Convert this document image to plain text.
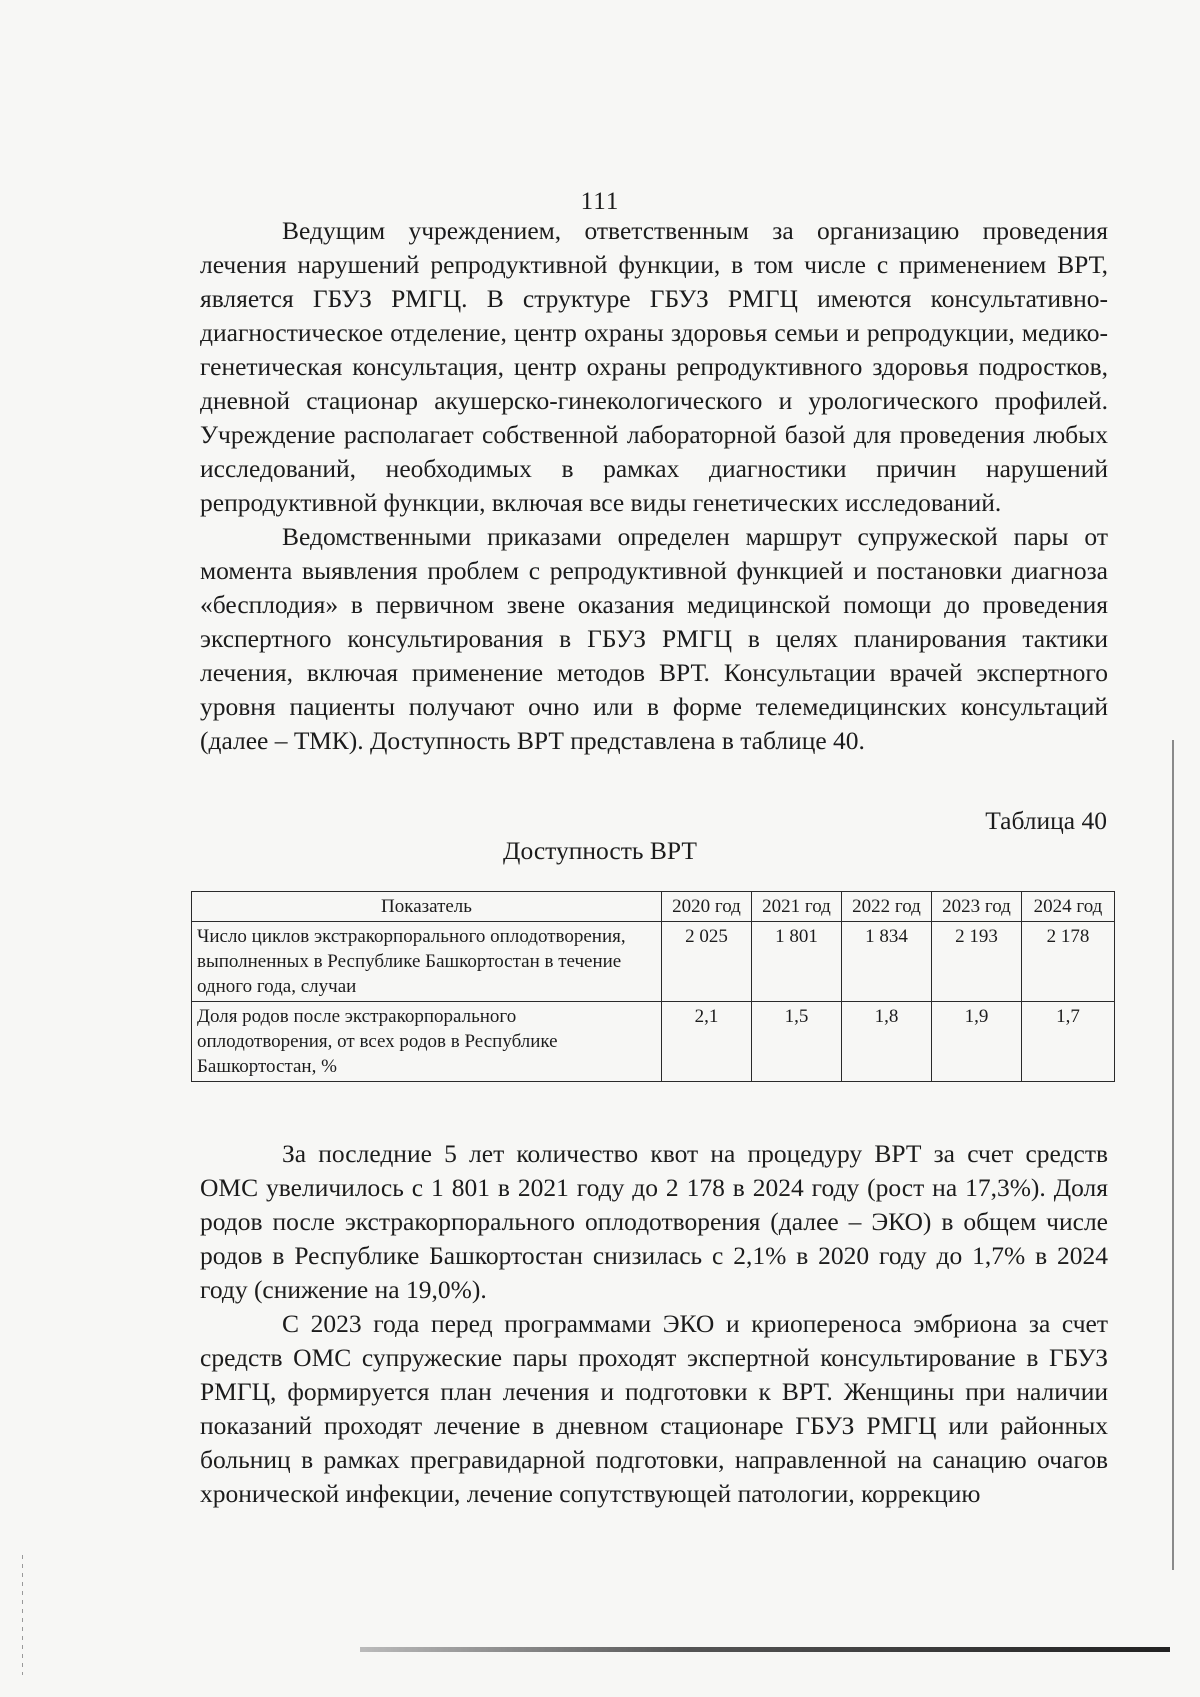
111

Ведущим учреждением, ответственным за организацию проведения лечения нарушений репродуктивной функции, в том числе с применением ВРТ, является ГБУЗ РМГЦ. В структуре ГБУЗ РМГЦ имеются консультативно-диагностическое отделение, центр охраны здоровья семьи и репродукции, медико-генетическая консультация, центр охраны репродуктивного здоровья подростков, дневной стационар акушерско-гинекологического и урологического профилей. Учреждение располагает собственной лабораторной базой для проведения любых исследований, необходимых в рамках диагностики причин нарушений репродуктивной функции, включая все виды генетических исследований.

Ведомственными приказами определен маршрут супружеской пары от момента выявления проблем с репродуктивной функцией и постановки диагноза «бесплодия» в первичном звене оказания медицинской помощи до проведения экспертного консультирования в ГБУЗ РМГЦ в целях планирования тактики лечения, включая применение методов ВРТ. Консультации врачей экспертного уровня пациенты получают очно или в форме телемедицинских консультаций (далее – ТМК). Доступность ВРТ представлена в таблице 40.

Таблица 40
Доступность ВРТ
Показатель	2020 год	2021 год	2022 год	2023 год	2024 год
Число циклов экстракорпорального оплодотворения, выполненных в Республике Башкортостан в течение одного года, случаи	2 025	1 801	1 834	2 193	2 178
Доля родов после экстракорпорального оплодотворения, от всех родов в Республике Башкортостан, %	2,1	1,5	1,8	1,9	1,7

За последние 5 лет количество квот на процедуру ВРТ за счет средств ОМС увеличилось с 1 801 в 2021 году до 2 178 в 2024 году (рост на 17,3%). Доля родов после экстракорпорального оплодотворения (далее – ЭКО) в общем числе родов в Республике Башкортостан снизилась с 2,1% в 2020 году до 1,7% в 2024 году (снижение на 19,0%).

С 2023 года перед программами ЭКО и криопереноса эмбриона за счет средств ОМС супружеские пары проходят экспертной консультирование в ГБУЗ РМГЦ, формируется план лечения и подготовки к ВРТ. Женщины при наличии показаний проходят лечение в дневном стационаре ГБУЗ РМГЦ или районных больниц в рамках прегравидарной подготовки, направленной на санацию очагов хронической инфекции, лечение сопутствующей патологии, коррекцию
